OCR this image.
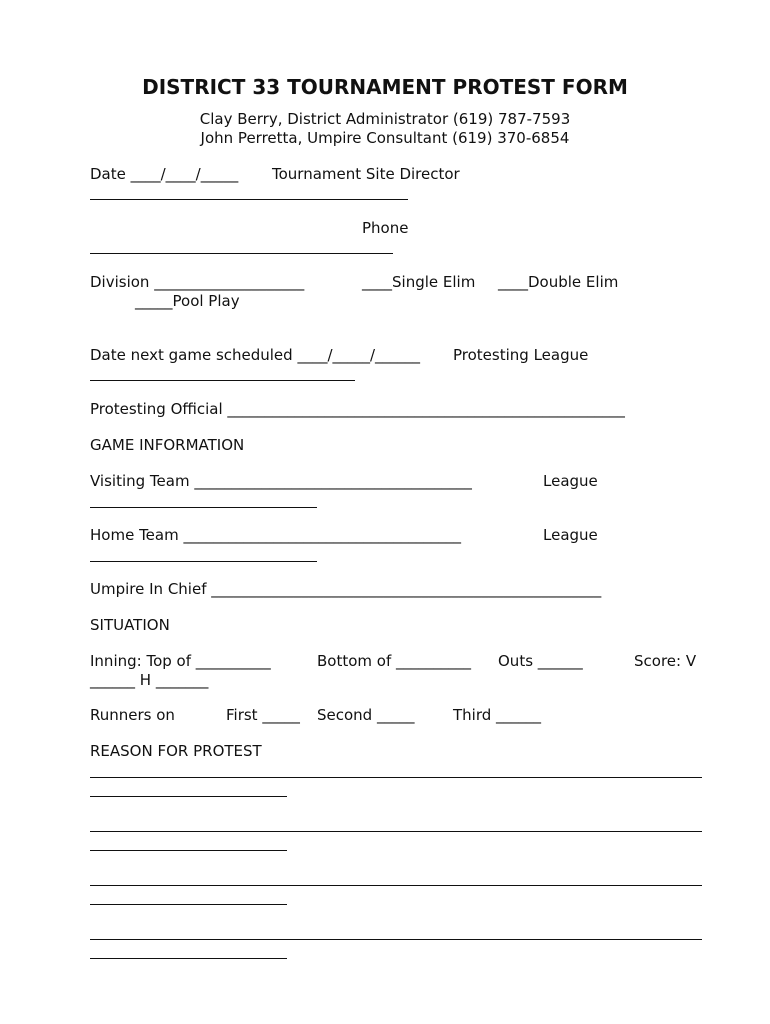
DISTRICT 33 TOURNAMENT PROTEST FORM
Clay Berry, District Administrator (619) 787-7593
John Perretta, Umpire Consultant (619) 370-6854
Date ____/____/_____ Tournament Site Director
Phone
Division ____________________	____Single Elim ____Double Elim
_____Pool Play
Date next game scheduled ____/_____/______ Protesting League
Protesting Official _____________________________________________________
GAME INFORMATION
Visiting Team _____________________________________	League
Home Team _____________________________________	League
Umpire In Chief ____________________________________________________
SITUATION
Inning: Top of __________	Bottom of __________ Outs ______	Score: V
______ H _______
Runners on	First _____ Second _____	Third ______
REASON FOR PROTEST
